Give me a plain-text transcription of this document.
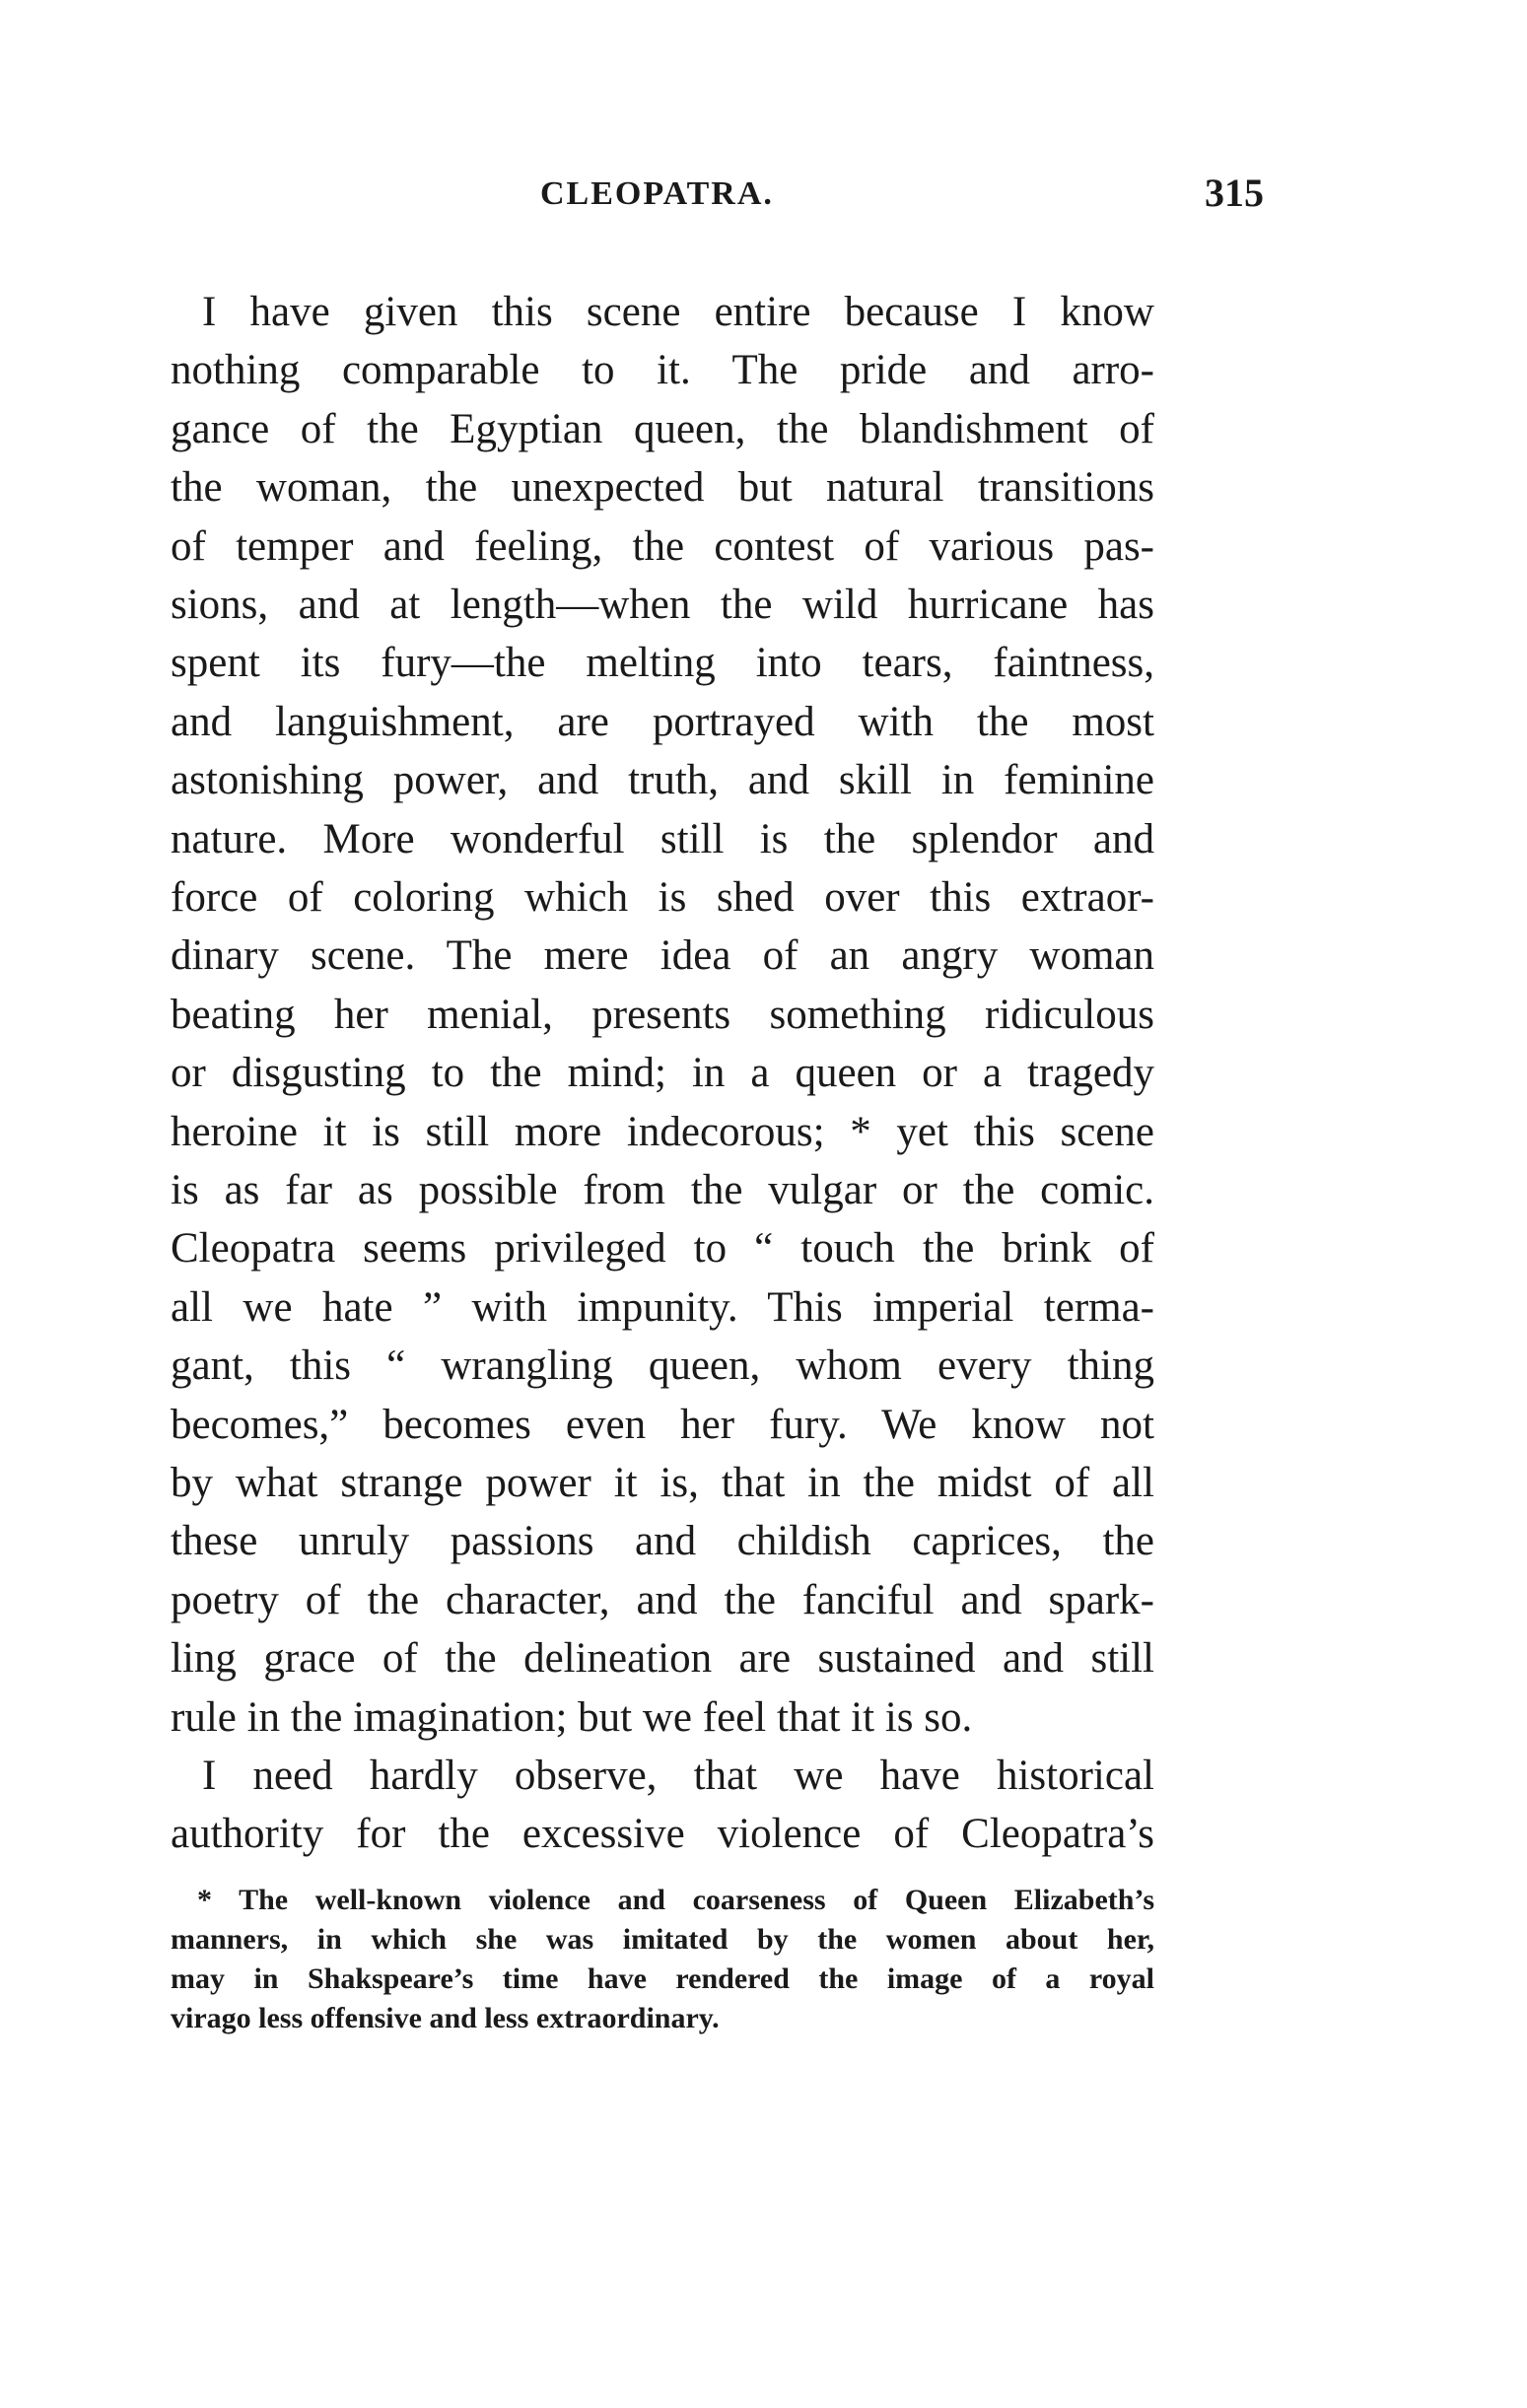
CLEOPATRA.	315
I have given this scene entire because I know
nothing comparable to it. The pride and arro-
gance of the Egyptian queen, the blandishment of
the woman, the unexpected but natural transitions
of temper and feeling, the contest of various pas-
sions, and at length—when the wild hurricane has
spent its fury—the melting into tears, faintness,
and languishment, are portrayed with the most
astonishing power, and truth, and skill in feminine
nature. More wonderful still is the splendor and
force of coloring which is shed over this extraor-
dinary scene. The mere idea of an angry woman
beating her menial, presents something ridiculous
or disgusting to the mind; in a queen or a tragedy
heroine it is still more indecorous; * yet this scene
is as far as possible from the vulgar or the comic.
Cleopatra seems privileged to “ touch the brink of
all we hate ” with impunity. This imperial terma-
gant, this “ wrangling queen, whom every thing
becomes,” becomes even her fury. We know not
by what strange power it is, that in the midst of all
these unruly passions and childish caprices, the
poetry of the character, and the fanciful and spark-
ling grace of the delineation are sustained and still
rule in the imagination; but we feel that it is so.
I need hardly observe, that we have historical
authority for the excessive violence of Cleopatra’s
* The well-known violence and coarseness of Queen Elizabeth’s
manners, in which she was imitated by the women about her,
may in Shakspeare’s time have rendered the image of a royal
virago less offensive and less extraordinary.
